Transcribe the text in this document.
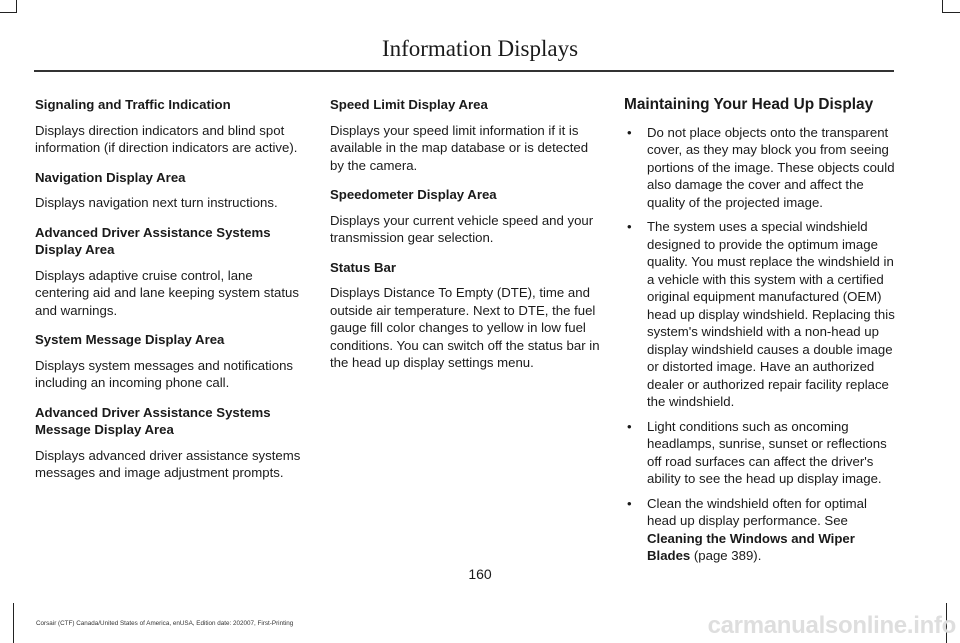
Information Displays

Signaling and Traffic Indication

Displays direction indicators and blind spot information (if direction indicators are active).

Navigation Display Area

Displays navigation next turn instructions.

Advanced Driver Assistance Systems Display Area

Displays adaptive cruise control, lane centering aid and lane keeping system status and warnings.

System Message Display Area

Displays system messages and notifications including an incoming phone call.

Advanced Driver Assistance Systems Message Display Area

Displays advanced driver assistance systems messages and image adjustment prompts.

Speed Limit Display Area

Displays your speed limit information if it is available in the map database or is detected by the camera.

Speedometer Display Area

Displays your current vehicle speed and your transmission gear selection.

Status Bar

Displays Distance To Empty (DTE), time and outside air temperature. Next to DTE, the fuel gauge fill color changes to yellow in low fuel conditions. You can switch off the status bar in the head up display settings menu.

Maintaining Your Head Up Display

• Do not place objects onto the transparent cover, as they may block you from seeing portions of the image. These objects could also damage the cover and affect the quality of the projected image.
• The system uses a special windshield designed to provide the optimum image quality. You must replace the windshield in a vehicle with this system with a certified original equipment manufactured (OEM) head up display windshield. Replacing this system's windshield with a non-head up display windshield causes a double image or distorted image. Have an authorized dealer or authorized repair facility replace the windshield.
• Light conditions such as oncoming headlamps, sunrise, sunset or reflections off road surfaces can affect the driver's ability to see the head up display image.
• Clean the windshield often for optimal head up display performance. See Cleaning the Windows and Wiper Blades (page 389).
160
Corsair (CTF) Canada/United States of America, enUSA, Edition date: 202007, First-Printing	carmanualsonline.info
